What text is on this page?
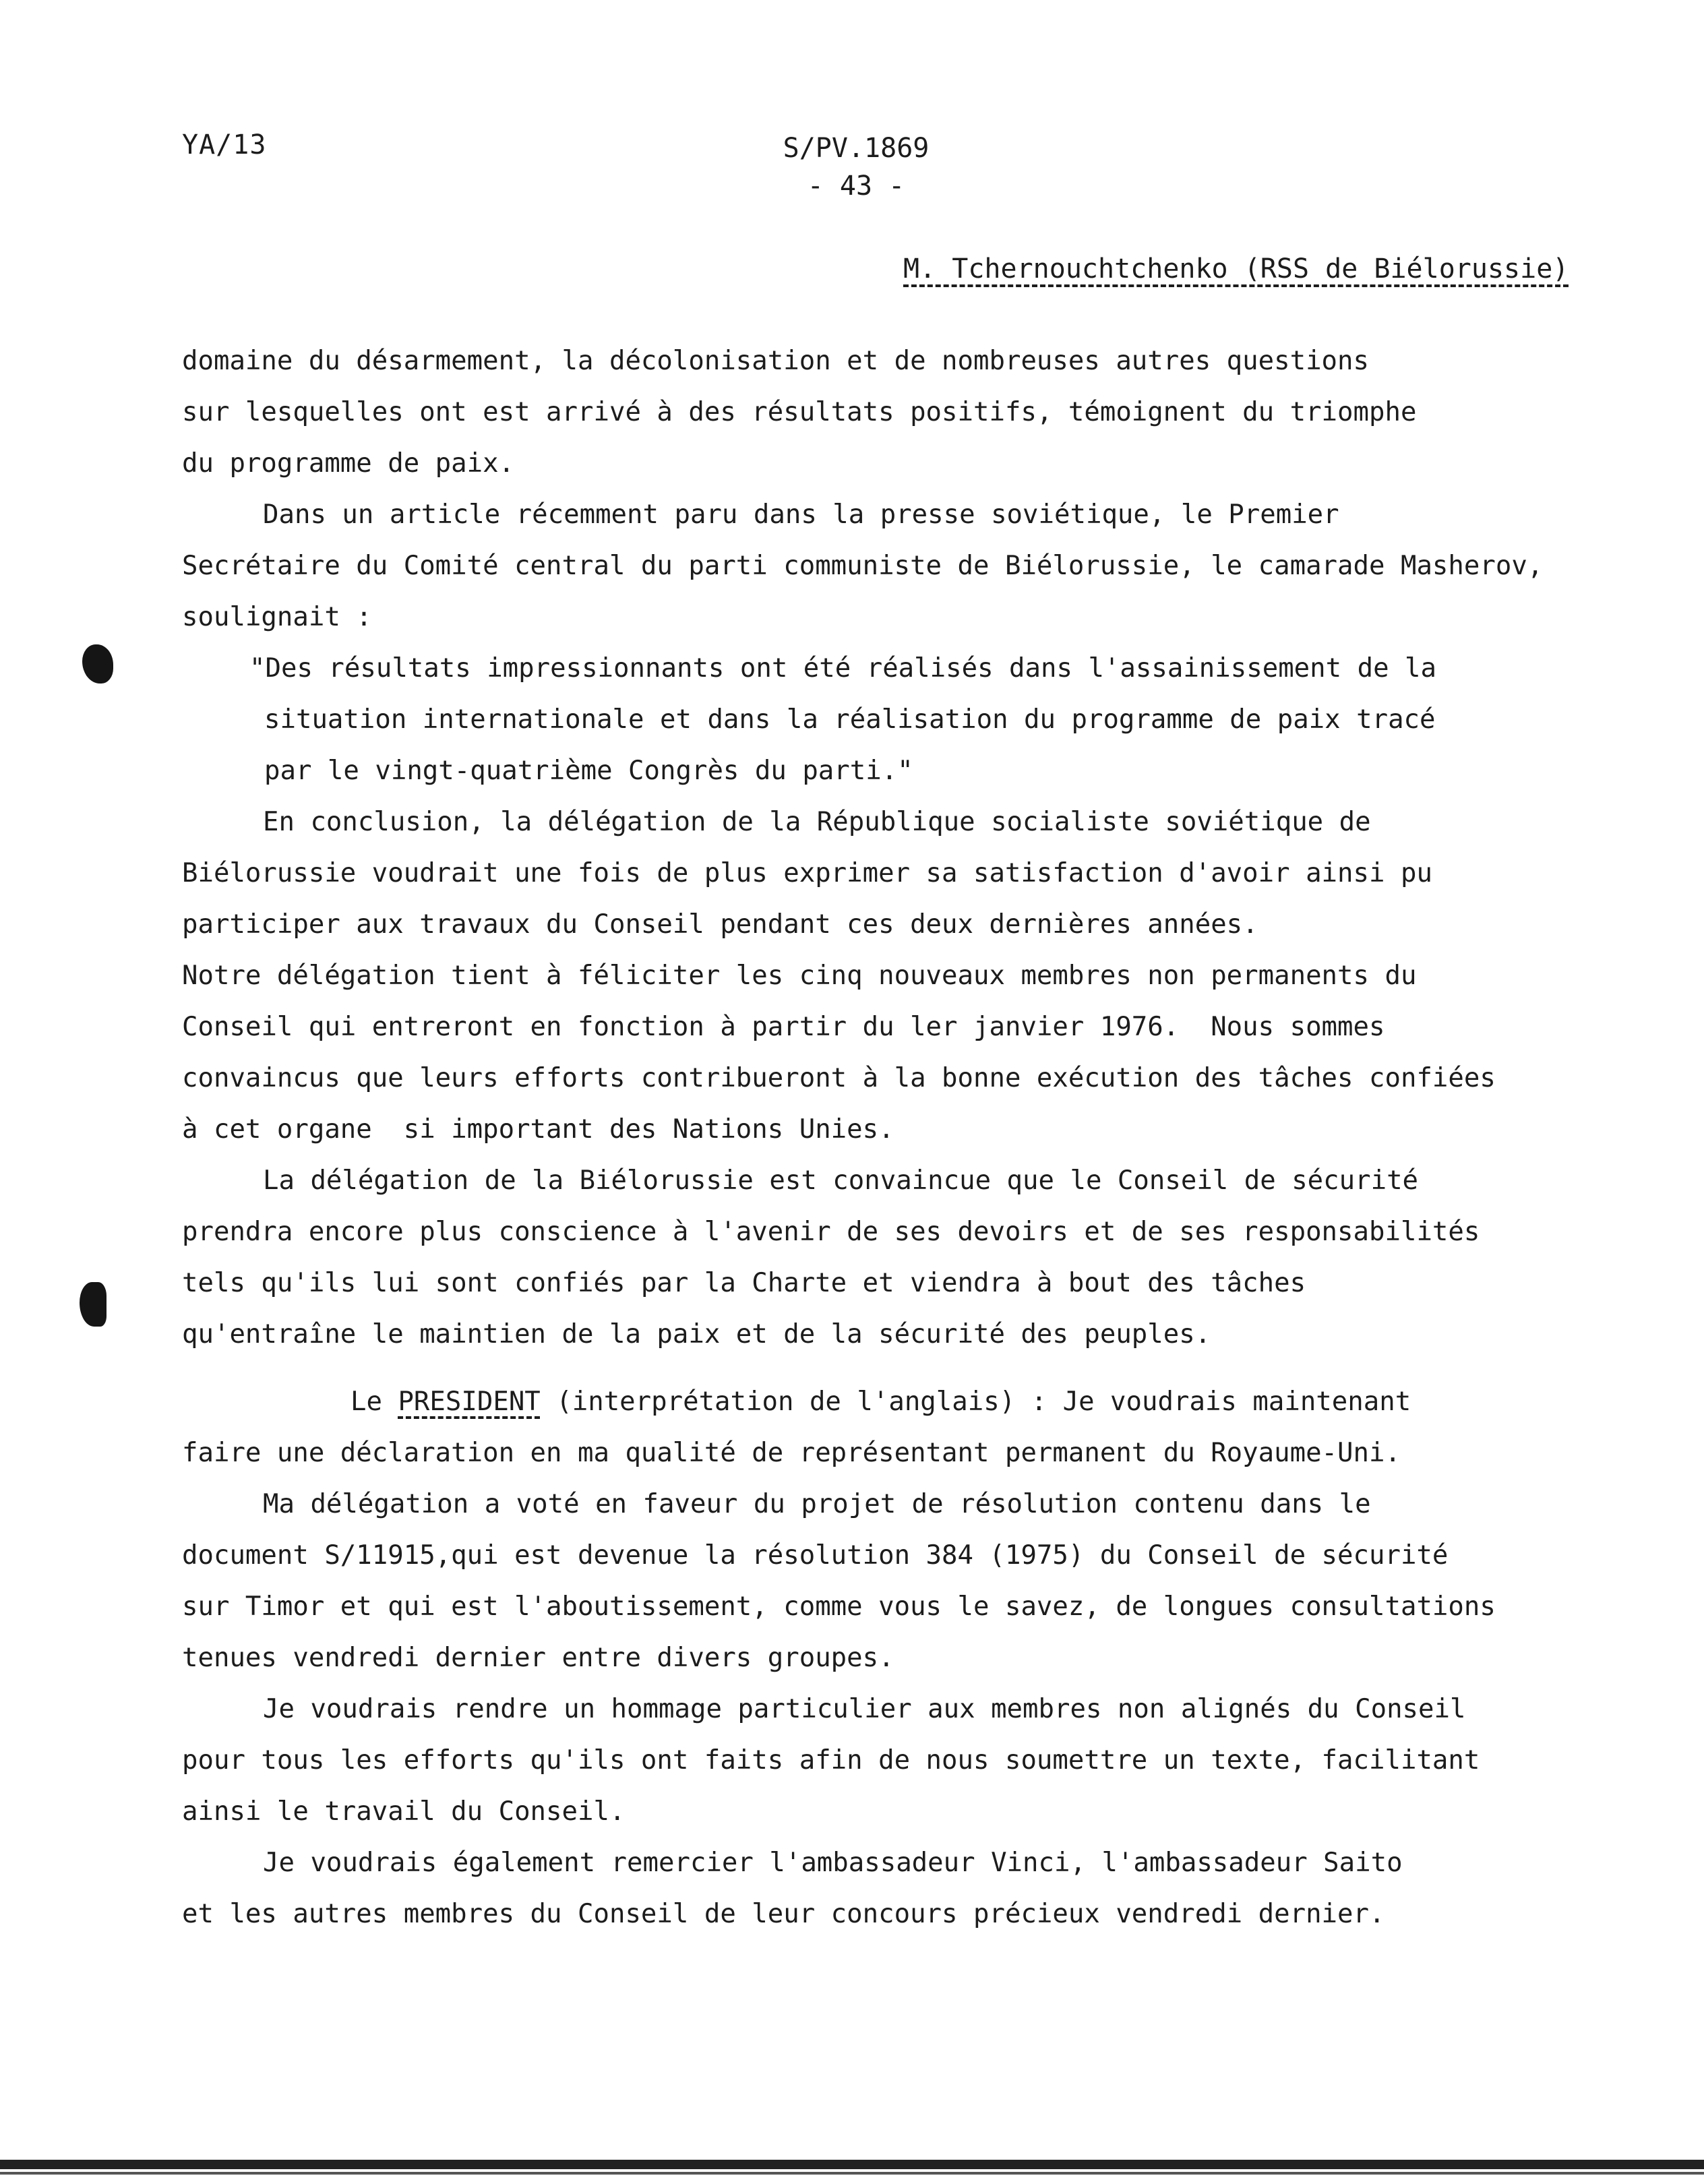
YA/13	S/PV.1869
- 43 -
M. Tchernouchtchenko (RSS de Biélorussie)
domaine du désarmement, la décolonisation et de nombreuses autres questions
sur lesquelles ont est arrivé à des résultats positifs, témoignent du triomphe
du programme de paix.
Dans un article récemment paru dans la presse soviétique, le Premier
Secrétaire du Comité central du parti communiste de Biélorussie, le camarade Masherov,
soulignait :
"Des résultats impressionnants ont été réalisés dans l'assainissement de la
situation internationale et dans la réalisation du programme de paix tracé
par le vingt-quatrième Congrès du parti."
En conclusion, la délégation de la République socialiste soviétique de
Biélorussie voudrait une fois de plus exprimer sa satisfaction d'avoir ainsi pu
participer aux travaux du Conseil pendant ces deux dernières années.
Notre délégation tient à féliciter les cinq nouveaux membres non permanents du
Conseil qui entreront en fonction à partir du ler janvier 1976.  Nous sommes
convaincus que leurs efforts contribueront à la bonne exécution des tâches confiées
à cet organe  si important des Nations Unies.
La délégation de la Biélorussie est convaincue que le Conseil de sécurité
prendra encore plus conscience à l'avenir de ses devoirs et de ses responsabilités
tels qu'ils lui sont confiés par la Charte et viendra à bout des tâches
qu'entraîne le maintien de la paix et de la sécurité des peuples.
Le PRESIDENT (interprétation de l'anglais) : Je voudrais maintenant
faire une déclaration en ma qualité de représentant permanent du Royaume-Uni.
Ma délégation a voté en faveur du projet de résolution contenu dans le
document S/11915,qui est devenue la résolution 384 (1975) du Conseil de sécurité
sur Timor et qui est l'aboutissement, comme vous le savez, de longues consultations
tenues vendredi dernier entre divers groupes.
Je voudrais rendre un hommage particulier aux membres non alignés du Conseil
pour tous les efforts qu'ils ont faits afin de nous soumettre un texte, facilitant
ainsi le travail du Conseil.
Je voudrais également remercier l'ambassadeur Vinci, l'ambassadeur Saito
et les autres membres du Conseil de leur concours précieux vendredi dernier.
